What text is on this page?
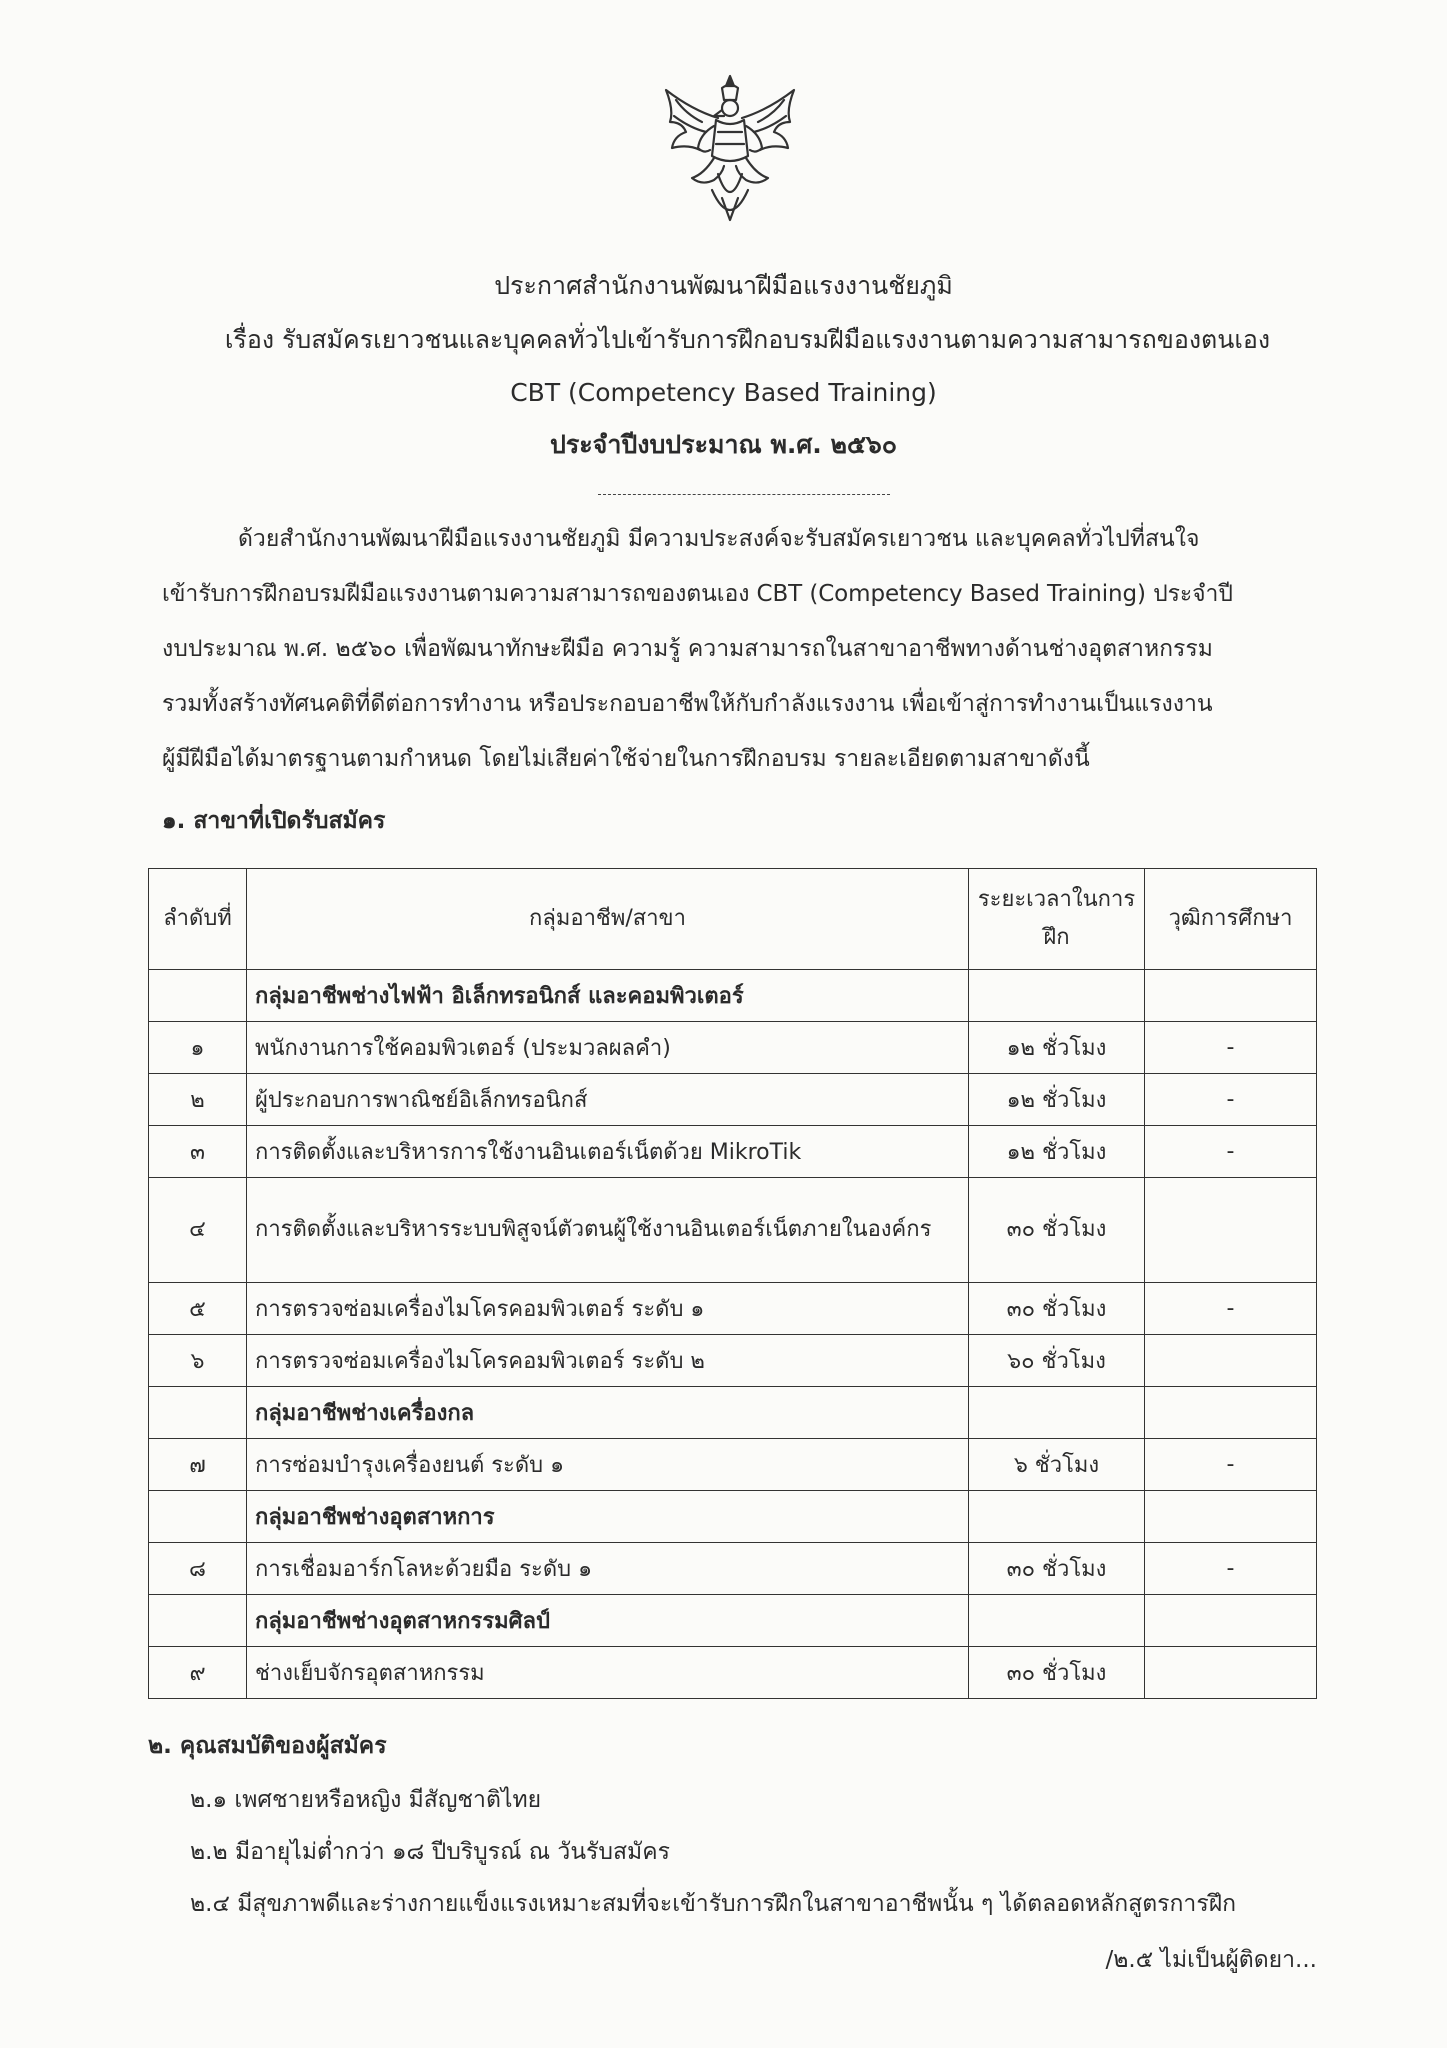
ประกาศสำนักงานพัฒนาฝีมือแรงงานชัยภูมิ
เรื่อง รับสมัครเยาวชนและบุคคลทั่วไปเข้ารับการฝึกอบรมฝีมือแรงงานตามความสามารถของตนเอง
CBT (Competency Based Training)
ประจำปีงบประมาณ พ.ศ. ๒๕๖๐
ด้วยสำนักงานพัฒนาฝีมือแรงงานชัยภูมิ มีความประสงค์จะรับสมัครเยาวชน และบุคคลทั่วไปที่สนใจ
เข้ารับการฝึกอบรมฝีมือแรงงานตามความสามารถของตนเอง CBT (Competency Based Training) ประจำปี
งบประมาณ พ.ศ. ๒๕๖๐ เพื่อพัฒนาทักษะฝีมือ ความรู้ ความสามารถในสาขาอาชีพทางด้านช่างอุตสาหกรรม
รวมทั้งสร้างทัศนคติที่ดีต่อการทำงาน หรือประกอบอาชีพให้กับกำลังแรงงาน เพื่อเข้าสู่การทำงานเป็นแรงงาน
ผู้มีฝีมือได้มาตรฐานตามกำหนด โดยไม่เสียค่าใช้จ่ายในการฝึกอบรม รายละเอียดตามสาขาดังนี้
๑. สาขาที่เปิดรับสมัคร
ลำดับที่	กลุ่มอาชีพ/สาขา	ระยะเวลาในการฝึก	วุฒิการศึกษา
	กลุ่มอาชีพช่างไฟฟ้า อิเล็กทรอนิกส์ และคอมพิวเตอร์		
๑	พนักงานการใช้คอมพิวเตอร์ (ประมวลผลคำ)	๑๒ ชั่วโมง	-
๒	ผู้ประกอบการพาณิชย์อิเล็กทรอนิกส์	๑๒ ชั่วโมง	-
๓	การติดตั้งและบริหารการใช้งานอินเตอร์เน็ตด้วย MikroTik	๑๒ ชั่วโมง	-
๔	การติดตั้งและบริหารระบบพิสูจน์ตัวตนผู้ใช้งานอินเตอร์เน็ตภายในองค์กร	๓๐ ชั่วโมง	
๕	การตรวจซ่อมเครื่องไมโครคอมพิวเตอร์ ระดับ ๑	๓๐ ชั่วโมง	-
๖	การตรวจซ่อมเครื่องไมโครคอมพิวเตอร์ ระดับ ๒	๖๐ ชั่วโมง	
	กลุ่มอาชีพช่างเครื่องกล		
๗	การซ่อมบำรุงเครื่องยนต์ ระดับ ๑	๖ ชั่วโมง	-
	กลุ่มอาชีพช่างอุตสาหการ		
๘	การเชื่อมอาร์กโลหะด้วยมือ ระดับ ๑	๓๐ ชั่วโมง	-
	กลุ่มอาชีพช่างอุตสาหกรรมศิลป์		
๙	ช่างเย็บจักรอุตสาหกรรม	๓๐ ชั่วโมง	
๒. คุณสมบัติของผู้สมัคร
๒.๑ เพศชายหรือหญิง มีสัญชาติไทย
๒.๒ มีอายุไม่ต่ำกว่า ๑๘ ปีบริบูรณ์ ณ วันรับสมัคร
๒.๔ มีสุขภาพดีและร่างกายแข็งแรงเหมาะสมที่จะเข้ารับการฝึกในสาขาอาชีพนั้น ๆ ได้ตลอดหลักสูตรการฝึก
/๒.๕ ไม่เป็นผู้ติดยา...
